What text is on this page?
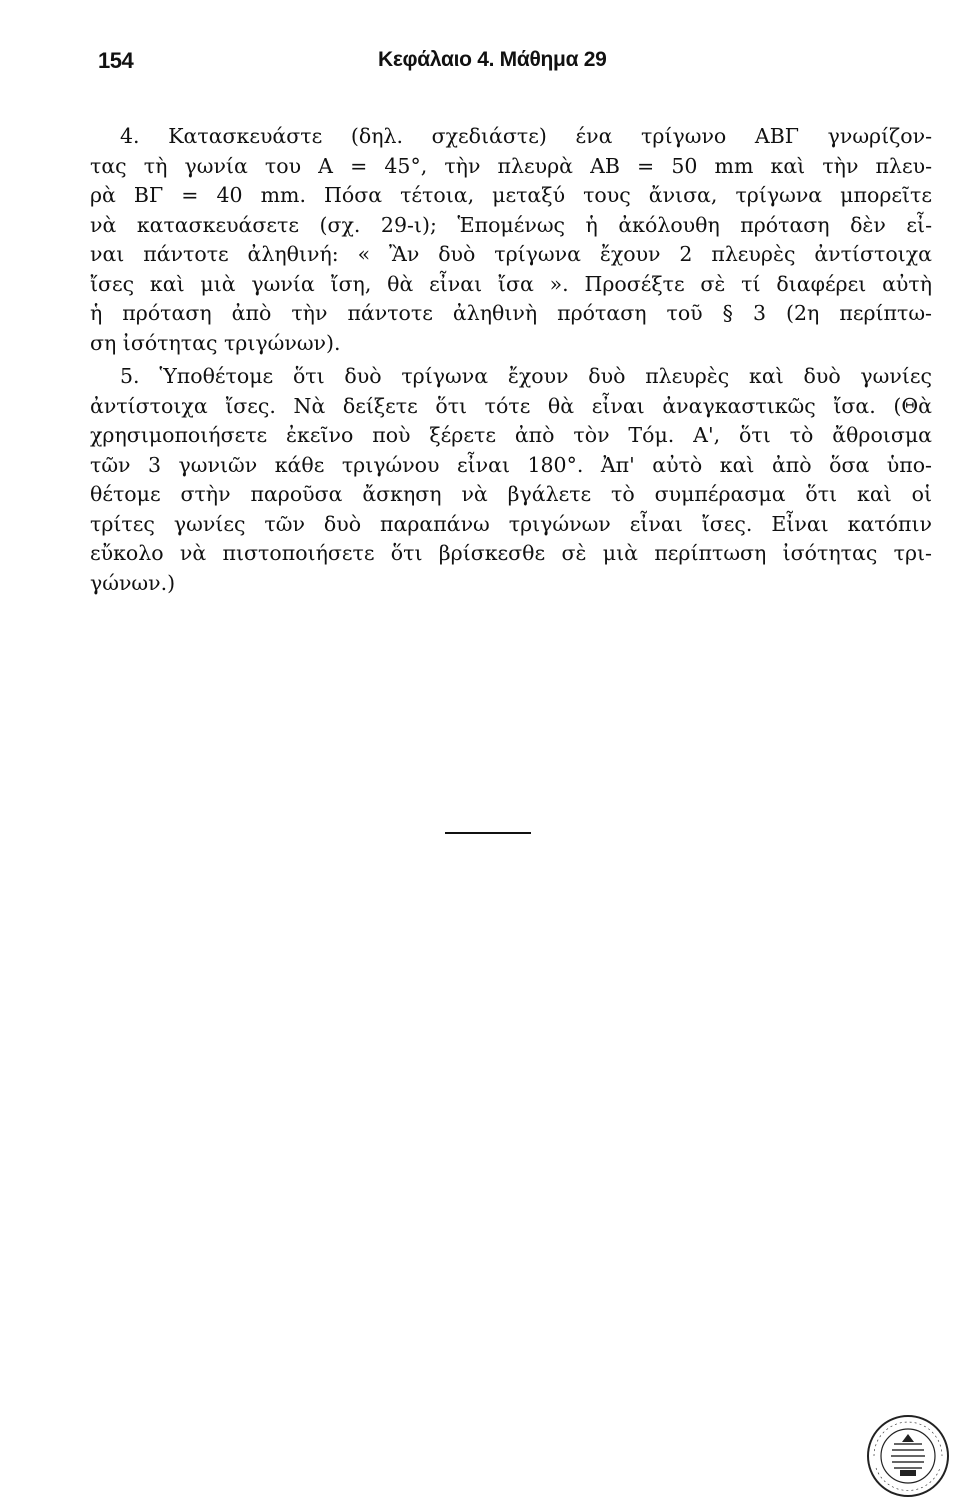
154	Κεφάλαιο 4. Μάθημα 29
4. Κατασκευάστε (δηλ. σχεδιάστε) ένα τρίγωνο ΑΒΓ γνωρίζον-
τας τὴ γωνία του Α = 45°, τὴν πλευρὰ ΑΒ = 50 mm καὶ τὴν πλευ-
ρὰ ΒΓ = 40 mm. Πόσα τέτοια, μεταξύ τους ἄνισα, τρίγωνα μπορεῖτε
νὰ κατασκευάσετε (σχ. 29-ι); Ἑπομένως ἡ ἀκόλουθη πρόταση δὲν εἶ-
ναι πάντοτε ἀληθινή: « Ἂν δυὸ τρίγωνα ἔχουν 2 πλευρὲς ἀντίστοιχα
ἴσες καὶ μιὰ γωνία ἴση, θὰ εἶναι ἴσα ». Προσέξτε σὲ τί διαφέρει αὐτὴ
ἡ πρόταση ἀπὸ τὴν πάντοτε ἀληθινὴ πρόταση τοῦ § 3 (2η περίπτω-
ση ἰσότητας τριγώνων).
5. Ὑποθέτομε ὅτι δυὸ τρίγωνα ἔχουν δυὸ πλευρὲς καὶ δυὸ γωνίες
ἀντίστοιχα ἴσες. Νὰ δείξετε ὅτι τότε θὰ εἶναι ἀναγκαστικῶς ἴσα. (Θὰ
χρησιμοποιήσετε ἐκεῖνο ποὺ ξέρετε ἀπὸ τὸν Τόμ. Α', ὅτι τὸ ἄθροισμα
τῶν 3 γωνιῶν κάθε τριγώνου εἶναι 180°. Ἀπ' αὐτὸ καὶ ἀπὸ ὅσα ὑπο-
θέτομε στὴν παροῦσα ἄσκηση νὰ βγάλετε τὸ συμπέρασμα ὅτι καὶ οἱ
τρίτες γωνίες τῶν δυὸ παραπάνω τριγώνων εἶναι ἴσες. Εἶναι κατόπιν
εὔκολο νὰ πιστοποιήσετε ὅτι βρίσκεσθε σὲ μιὰ περίπτωση ἰσότητας τρι-
γώνων.)
